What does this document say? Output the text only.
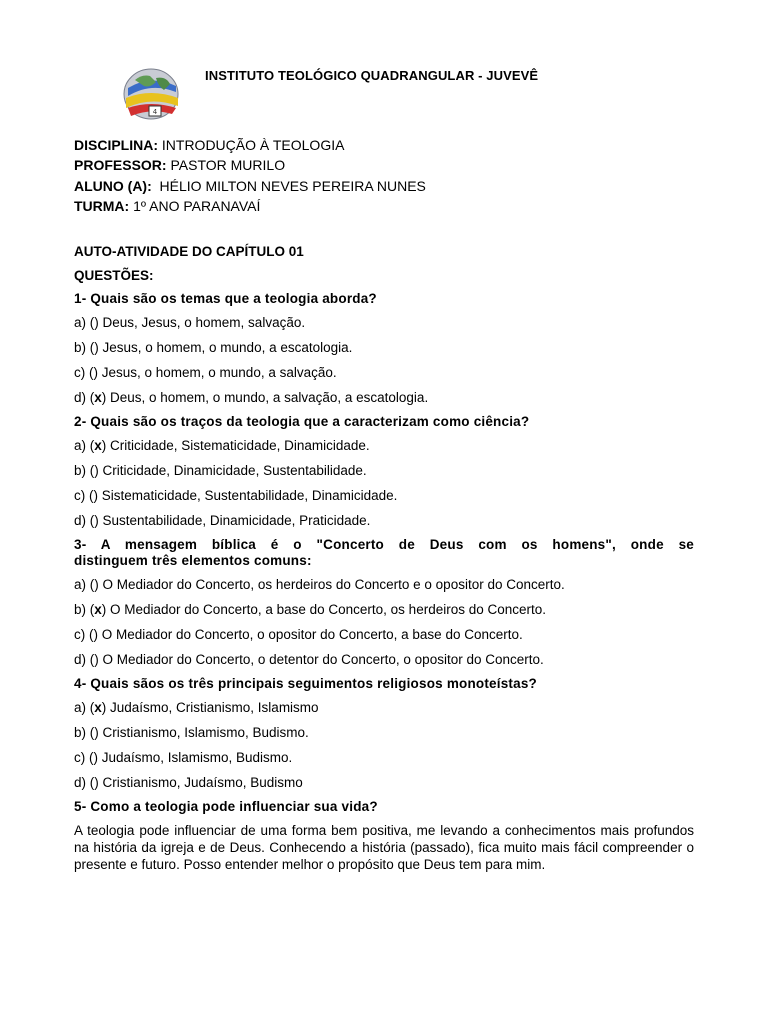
4
INSTITUTO TEOLÓGICO QUADRANGULAR - JUVEVÊ
DISCIPLINA: INTRODUÇÃO À TEOLOGIA
PROFESSOR: PASTOR MURILO
ALUNO (A):  HÉLIO MILTON NEVES PEREIRA NUNES
TURMA: 1º ANO PARANAVAÍ

AUTO-ATIVIDADE DO CAPÍTULO 01

QUESTÕES:

1- Quais são os temas que a teologia aborda?

a) () Deus, Jesus, o homem, salvação.

b) () Jesus, o homem, o mundo, a escatologia.

c) () Jesus, o homem, o mundo, a salvação.

d) (x) Deus, o homem, o mundo, a salvação, a escatologia.

2- Quais são os traços da teologia que a caracterizam como ciência?

a) (x) Criticidade, Sistematicidade, Dinamicidade.

b) () Criticidade, Dinamicidade, Sustentabilidade.

c) () Sistematicidade, Sustentabilidade, Dinamicidade.

d) () Sustentabilidade, Dinamicidade, Praticidade.

3- A mensagem bíblica é o "Concerto de Deus com os homens", onde se

distinguem três elementos comuns:

a) () O Mediador do Concerto, os herdeiros do Concerto e o opositor do Concerto.

b) (x) O Mediador do Concerto, a base do Concerto, os herdeiros do Concerto.

c) () O Mediador do Concerto, o opositor do Concerto, a base do Concerto.

d) () O Mediador do Concerto, o detentor do Concerto, o opositor do Concerto.

4- Quais sãos os três principais seguimentos religiosos monoteístas?

a) (x) Judaísmo, Cristianismo, Islamismo

b) () Cristianismo, Islamismo, Budismo.

c) () Judaísmo, Islamismo, Budismo.

d) () Cristianismo, Judaísmo, Budismo

5- Como a teologia pode influenciar sua vida?

A teologia pode influenciar de uma forma bem positiva, me levando a conhecimentos mais profundos na história da igreja e de Deus. Conhecendo a história (passado), fica muito mais fácil compreender o presente e futuro. Posso entender melhor o propósito que Deus tem para mim.
